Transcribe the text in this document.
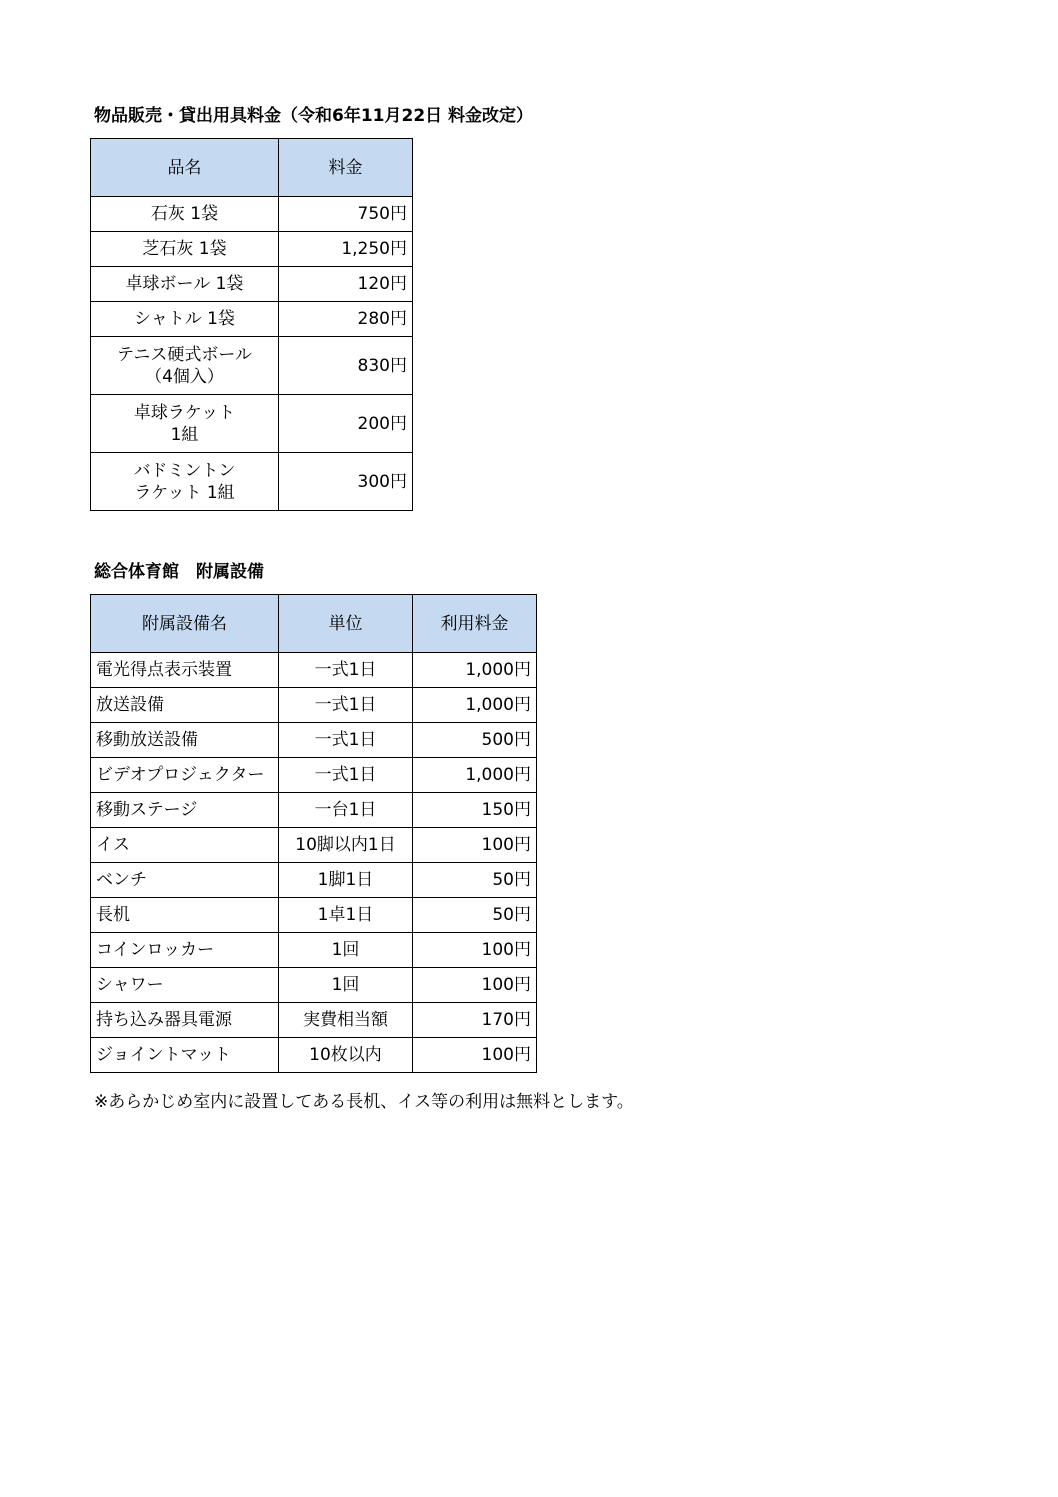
物品販売・貸出用具料金（令和6年11月22日 料金改定）
品名	料金

石灰 1袋	750円

芝石灰 1袋	1,250円

卓球ボール 1袋	120円

シャトル 1袋	280円

テニス硬式ボール
（4個入）	830円

卓球ラケット
1組	200円

バドミントン
ラケット 1組	300円
総合体育館　附属設備
附属設備名	単位	利用料金
電光得点表示装置	一式1日	1,000円
放送設備	一式1日	1,000円
移動放送設備	一式1日	500円
ビデオプロジェクター	一式1日	1,000円
移動ステージ	一台1日	150円
イス	10脚以内1日	100円
ベンチ	1脚1日	50円
長机	1卓1日	50円
コインロッカー	1回	100円
シャワー	1回	100円
持ち込み器具電源	実費相当額	170円
ジョイントマット	10枚以内	100円
※あらかじめ室内に設置してある長机、イス等の利用は無料とします。
